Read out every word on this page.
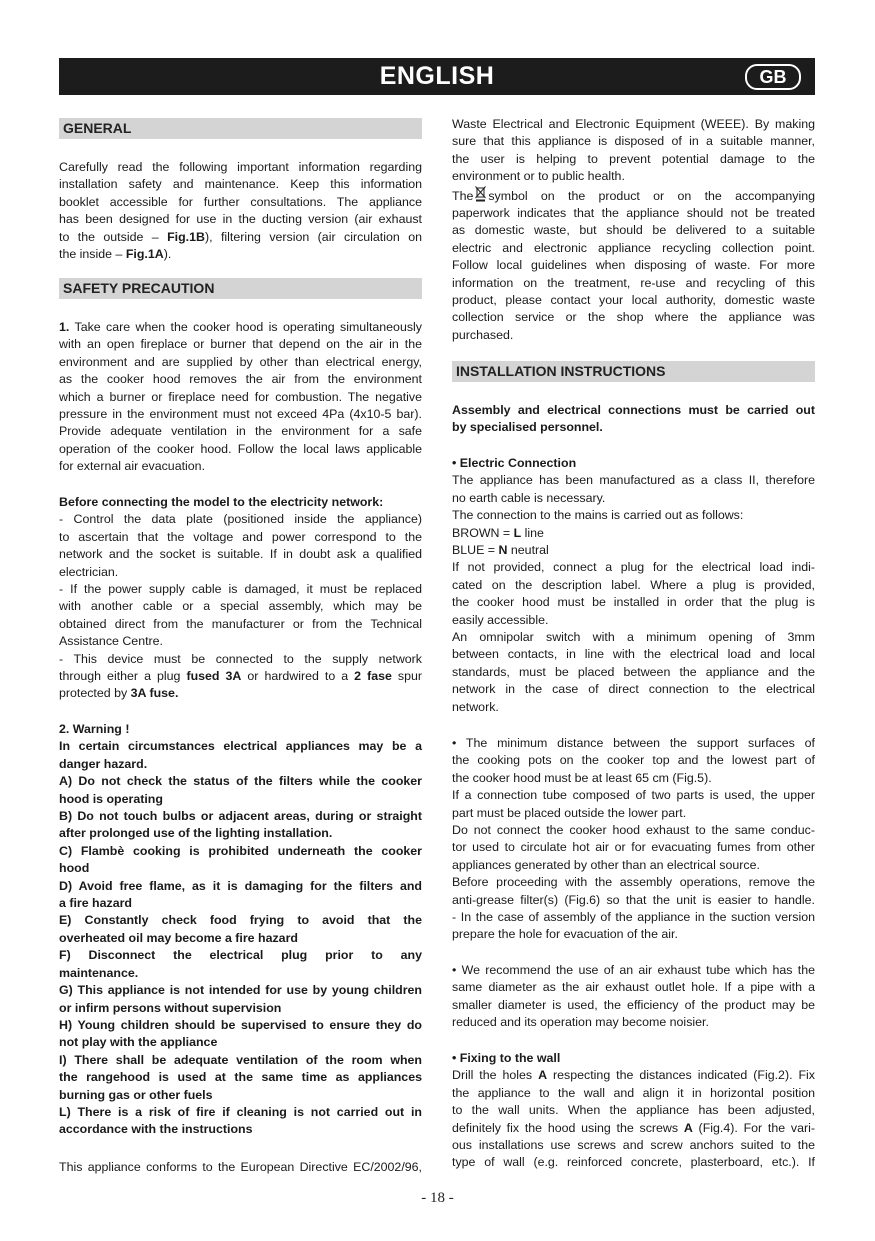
ENGLISH	GB
GENERAL
Carefully read the following important information regarding
installation safety and maintenance. Keep this information
booklet accessible for further consultations. The appliance
has been designed for use in the ducting version (air exhaust
to the outside – Fig.1B), filtering version (air circulation on
the inside – Fig.1A).
SAFETY PRECAUTION
1. Take care when the cooker hood is operating simultaneously
with an open fireplace or burner that depend on the air in the
environment and are supplied by other than electrical energy,
as the cooker hood removes the air from the environment
which a burner or fireplace need for combustion. The negative
pressure in the environment must not exceed 4Pa (4x10-5 bar).
Provide adequate ventilation in the environment for a safe
operation of the cooker hood. Follow the local laws applicable
for external air evacuation.
Before connecting the model to the electricity network:
- Control the data plate (positioned inside the appliance)
to ascertain that the voltage and power correspond to the
network and the socket is suitable. If in doubt ask a qualified
electrician.
- If the power supply cable is damaged, it must be replaced
with another cable or a special assembly, which may be
obtained direct from the manufacturer or from the Technical
Assistance Centre.
- This device must be connected to the supply network
through either a plug fused 3A or hardwired to a 2 fase spur
protected by 3A fuse.
2. Warning !
In certain circumstances electrical appliances may be a
danger hazard.
A) Do not check the status of the filters while the cooker
hood is operating
B) Do not touch bulbs or adjacent areas, during or straight
after prolonged use of the lighting installation.
C) Flambè cooking is prohibited underneath the cooker
hood
D) Avoid free flame, as it is damaging for the filters and
a fire hazard
E) Constantly check food frying to avoid that the
overheated oil may become a fire hazard
F) Disconnect the electrical plug prior to any
maintenance.
G) This appliance is not intended for use by young children
or infirm persons without supervision
H) Young children should be supervised to ensure they do
not play with the appliance
I) There shall be adequate ventilation of the room when
the rangehood is used at the same time as appliances
burning gas or other fuels
L) There is a risk of fire if cleaning is not carried out in
accordance with the instructions
This appliance conforms to the European Directive EC/2002/96,
Waste Electrical and Electronic Equipment (WEEE). By making
sure that this appliance is disposed of in a suitable manner,
the user is helping to prevent potential damage to the
environment or to public health.
The symbol on the product or on the accompanying
paperwork indicates that the appliance should not be treated
as domestic waste, but should be delivered to a suitable
electric and electronic appliance recycling collection point.
Follow local guidelines when disposing of waste. For more
information on the treatment, re-use and recycling of this
product, please contact your local authority, domestic waste
collection service or the shop where the appliance was
purchased.
INSTALLATION INSTRUCTIONS
Assembly and electrical connections must be carried out
by specialised personnel.
• Electric Connection
The appliance has been manufactured as a class II, therefore
no earth cable is necessary.
The connection to the mains is carried out as follows:
BROWN = L line
BLUE = N neutral
If not provided, connect a plug for the electrical load indi-
cated on the description label. Where a plug is provided,
the cooker hood must be installed in order that the plug is
easily accessible.
An omnipolar switch with a minimum opening of 3mm
between contacts, in line with the electrical load and local
standards, must be placed between the appliance and the
network in the case of direct connection to the electrical
network.
• The minimum distance between the support surfaces of
the cooking pots on the cooker top and the lowest part of
the cooker hood must be at least 65 cm (Fig.5).
If a connection tube composed of two parts is used, the upper
part must be placed outside the lower part.
Do not connect the cooker hood exhaust to the same conduc-
tor used to circulate hot air or for evacuating fumes from other
appliances generated by other than an electrical source.
Before proceeding with the assembly operations, remove the
anti-grease filter(s) (Fig.6) so that the unit is easier to handle.
- In the case of assembly of the appliance in the suction version
prepare the hole for evacuation of the air.
• We recommend the use of an air exhaust tube which has the
same diameter as the air exhaust outlet hole. If a pipe with a
smaller diameter is used, the efficiency of the product may be
reduced and its operation may become noisier.
• Fixing to the wall
Drill the holes A respecting the distances indicated (Fig.2). Fix
the appliance to the wall and align it in horizontal position
to the wall units. When the appliance has been adjusted,
definitely fix the hood using the screws A (Fig.4). For the vari-
ous installations use screws and screw anchors suited to the
type of wall (e.g. reinforced concrete, plasterboard, etc.). If
- 18 -
